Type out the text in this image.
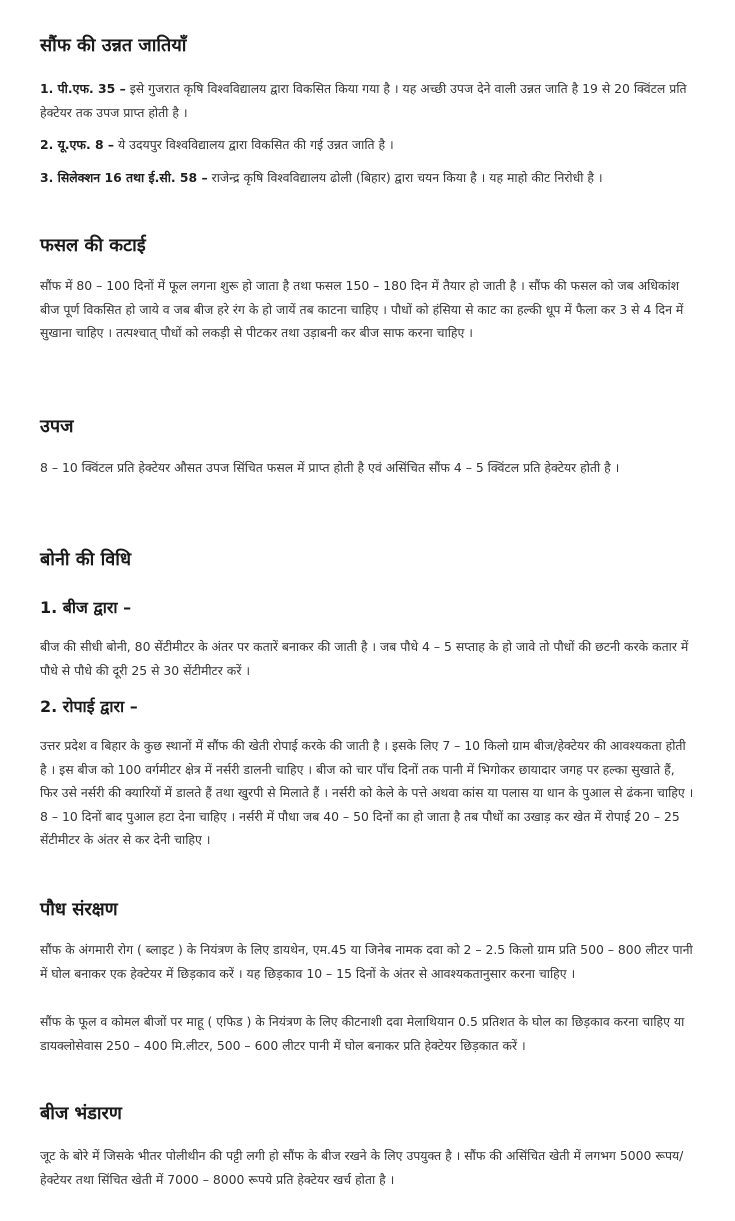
सौंफ की उन्नत जातियाँ

1. पी.एफ. 35 – इसे गुजरात कृषि विश्वविद्यालय द्वारा विकसित किया गया है । यह अच्छी उपज देने वाली उन्नत जाति है 19 से 20 क्विंटल प्रति हेक्टेयर तक उपज प्राप्त होती है ।

2. यू.एफ. 8 – ये उदयपुर विश्वविद्यालय द्वारा विकसित की गई उन्नत जाति है ।

3. सिलेक्शन 16 तथा ई.सी. 58 – राजेन्द्र कृषि विश्वविद्यालय ढोली (बिहार) द्वारा चयन किया है । यह माहो कीट निरोधी है ।

फसल की कटाई

सौंफ में 80 – 100 दिनों में फूल लगना शुरू हो जाता है तथा फसल 150 – 180 दिन में तैयार हो जाती है । सौंफ की फसल को जब अधिकांश बीज पूर्ण विकसित हो जाये व जब बीज हरे रंग के हो जायें तब काटना चाहिए । पौधों को हंसिया से काट का हल्की धूप में फैला कर 3 से 4 दिन में सुखाना चाहिए । तत्पश्चात् पौधों को लकड़ी से पीटकर तथा उड़ाबनी कर बीज साफ करना चाहिए ।

उपज

8 – 10 क्विंटल प्रति हेक्टेयर औसत उपज सिंचित फसल में प्राप्त होती है एवं असिंचित सौंफ 4 – 5 क्विंटल प्रति हेक्टेयर होती है ।

बोनी की विधि
1. बीज द्वारा –

बीज की सीधी बोनी, 80 सेंटीमीटर के अंतर पर कतारें बनाकर की जाती है । जब पौधे 4 – 5 सप्ताह के हो जावे तो पौधों की छटनी करके कतार में पौधे से पौधे की दूरी 25 से 30 सेंटीमीटर करें ।

2. रोपाई द्वारा –

उत्तर प्रदेश व बिहार के कुछ स्थानों में सौंफ की खेती रोपाई करके की जाती है । इसके लिए 7 – 10 किलो ग्राम बीज/हेक्टेयर की आवश्यकता होती है । इस बीज को 100 वर्गमीटर क्षेत्र में नर्सरी डालनी चाहिए । बीज को चार पाँच दिनों तक पानी में भिगोकर छायादार जगह पर हल्का सुखाते हैं, फिर उसे नर्सरी की क्यारियों में डालते हैं तथा खुरपी से मिलाते हैं । नर्सरी को केले के पत्ते अथवा कांस या पलास या धान के पुआल से ढंकना चाहिए । 8 – 10 दिनों बाद पुआल हटा देना चाहिए । नर्सरी में पौधा जब 40 – 50 दिनों का हो जाता है तब पौधों का उखाड़ कर खेत में रोपाई 20 – 25 सेंटीमीटर के अंतर से कर देनी चाहिए ।

पौध संरक्षण

सौंफ के अंगमारी रोग ( ब्लाइट ) के नियंत्रण के लिए डायथेन, एम.45 या जिनेब नामक दवा को 2 – 2.5 किलो ग्राम प्रति 500 – 800 लीटर पानी में घोल बनाकर एक हेक्टेयर में छिड़काव करें । यह छिड़काव 10 – 15 दिनों के अंतर से आवश्यकतानुसार करना चाहिए ।

सौंफ के फूल व कोमल बीजों पर माहू ( एफिड ) के नियंत्रण के लिए कीटनाशी दवा मेलाथियान 0.5 प्रतिशत के घोल का छिड़काव करना चाहिए या डायक्लोसेवास 250 – 400 मि.लीटर, 500 – 600 लीटर पानी में घोल बनाकर प्रति हेक्टेयर छिड़कात करें ।

बीज भंडारण

जूट के बोरे में जिसके भीतर पोलीथीन की पट्टी लगी हो सौंफ के बीज रखने के लिए उपयुक्त है । सौंफ की असिंचित खेती में लगभग 5000 रूपय/हेक्टेयर तथा सिंचित खेती में 7000 – 8000 रूपये प्रति हेक्टेयर खर्च होता है ।
